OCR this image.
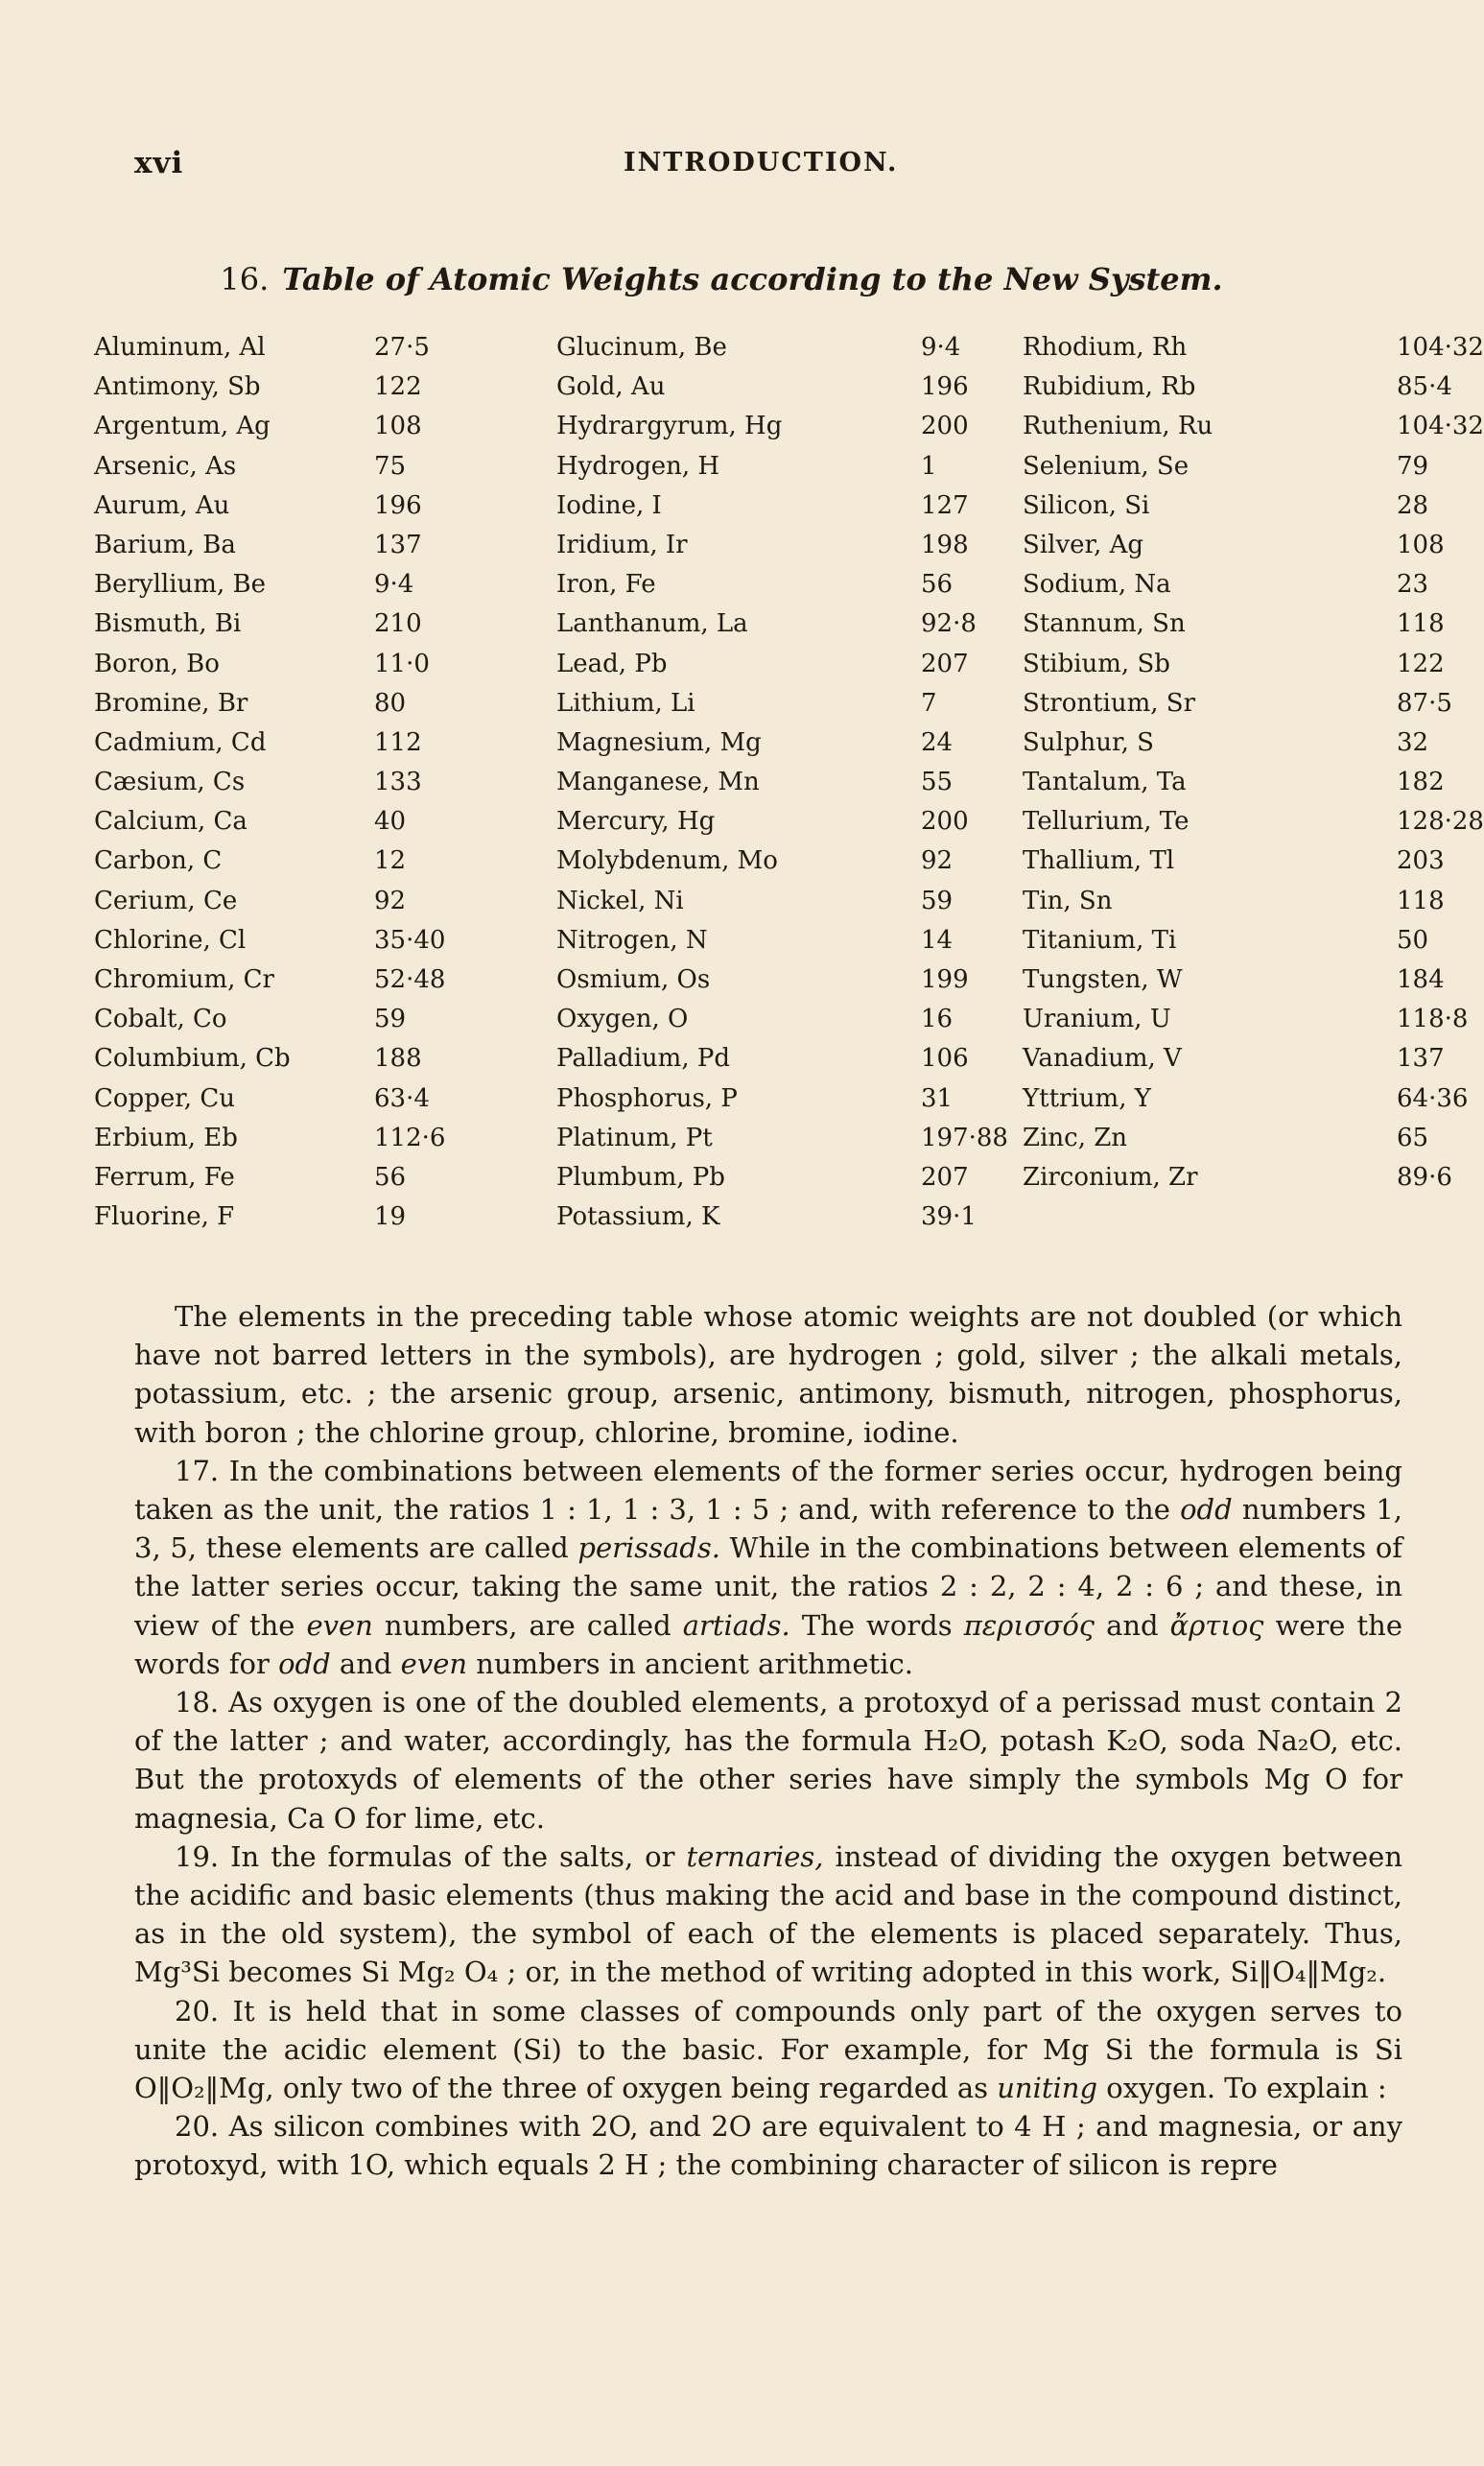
xvi	INTRODUCTION.
16. Table of Atomic Weights according to the New System.
Aluminum, Al	27·5
Antimony, Sb	122
Argentum, Ag	108
Arsenic, As	75
Aurum, Au	196
Barium, Ba	137
Beryllium, Be	9·4
Bismuth, Bi	210
Boron, Bo	11·0
Bromine, Br	80
Cadmium, Cd	112
Cæsium, Cs	133
Calcium, Ca	40
Carbon, C	12
Cerium, Ce	92
Chlorine, Cl	35·40
Chromium, Cr	52·48
Cobalt, Co	59
Columbium, Cb	188
Copper, Cu	63·4
Erbium, Eb	112·6
Ferrum, Fe	56
Fluorine, F	19
Glucinum, Be	9·4
Gold, Au	196
Hydrargyrum, Hg	200
Hydrogen, H	1
Iodine, I	127
Iridium, Ir	198
Iron, Fe	56
Lanthanum, La	92·8
Lead, Pb	207
Lithium, Li	7
Magnesium, Mg	24
Manganese, Mn	55
Mercury, Hg	200
Molybdenum, Mo	92
Nickel, Ni	59
Nitrogen, N	14
Osmium, Os	199
Oxygen, O	16
Palladium, Pd	106
Phosphorus, P	31
Platinum, Pt	197·88
Plumbum, Pb	207
Potassium, K	39·1
Rhodium, Rh	104·32
Rubidium, Rb	85·4
Ruthenium, Ru	104·32
Selenium, Se	79
Silicon, Si	28
Silver, Ag	108
Sodium, Na	23
Stannum, Sn	118
Stibium, Sb	122
Strontium, Sr	87·5
Sulphur, S	32
Tantalum, Ta	182
Tellurium, Te	128·28
Thallium, Tl	203
Tin, Sn	118
Titanium, Ti	50
Tungsten, W	184
Uranium, U	118·8
Vanadium, V	137
Yttrium, Y	64·36
Zinc, Zn	65
Zirconium, Zr	89·6

The elements in the preceding table whose atomic weights are not doubled (or which have not barred letters in the symbols), are hydrogen ; gold, silver ; the alkali metals, potassium, etc. ; the arsenic group, arsenic, antimony, bismuth, nitrogen, phosphorus, with boron ; the chlorine group, chlorine, bromine, iodine.

17. In the combinations between elements of the former series occur, hydrogen being taken as the unit, the ratios 1 : 1, 1 : 3, 1 : 5 ; and, with reference to the odd numbers 1, 3, 5, these elements are called perissads. While in the combinations between elements of the latter series occur, taking the same unit, the ratios 2 : 2, 2 : 4, 2 : 6 ; and these, in view of the even numbers, are called artiads. The words περισσός and ἄρτιος were the words for odd and even numbers in ancient arithmetic.

18. As oxygen is one of the doubled elements, a protoxyd of a perissad must contain 2 of the latter ; and water, accordingly, has the formula H₂O, potash K₂O, soda Na₂O, etc. But the protoxyds of elements of the other series have simply the symbols Mg O for magnesia, Ca O for lime, etc.

19. In the formulas of the salts, or ternaries, instead of dividing the oxygen between the acidific and basic elements (thus making the acid and base in the compound distinct, as in the old system), the symbol of each of the elements is placed separately. Thus, Mg³Si becomes Si Mg₂ O₄ ; or, in the method of writing adopted in this work, Si‖O₄‖Mg₂.

20. It is held that in some classes of compounds only part of the oxygen serves to unite the acidic element (Si) to the basic. For example, for Mg Si the formula is Si O‖O₂‖Mg, only two of the three of oxygen being regarded as uniting oxygen. To explain :

20. As silicon combines with 2O, and 2O are equivalent to 4 H ; and magnesia, or any protoxyd, with 1O, which equals 2 H ; the combining character of silicon is repre
